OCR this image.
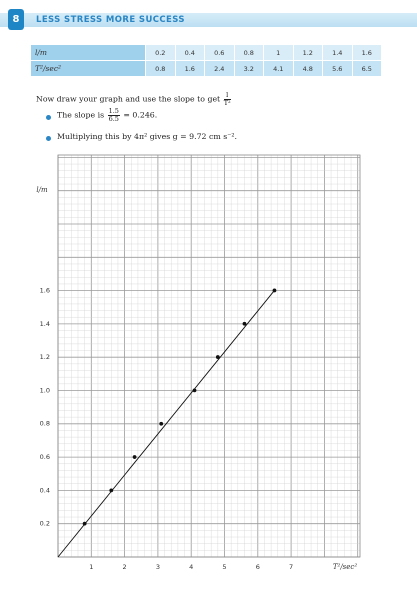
8	LESS STRESS MORE SUCCESS
l/m	0.2	0.4	0.6	0.8	1	1.2	1.4	1.6
T²/sec²	0.8	1.6	2.4	3.2	4.1	4.8	5.6	6.5
Now draw your graph and use the slope to get $\frac{l}{\text{T²}}$
The slope is $\frac{1.5}{6.5} = 0.246$.
Multiplying this by 4π² gives g = 9.72 cm s⁻².
0.2
0.4
0.6
0.8
1.0
1.2
1.4
1.6
1	2	3	4	5	6	7
l/m
T²/sec²
